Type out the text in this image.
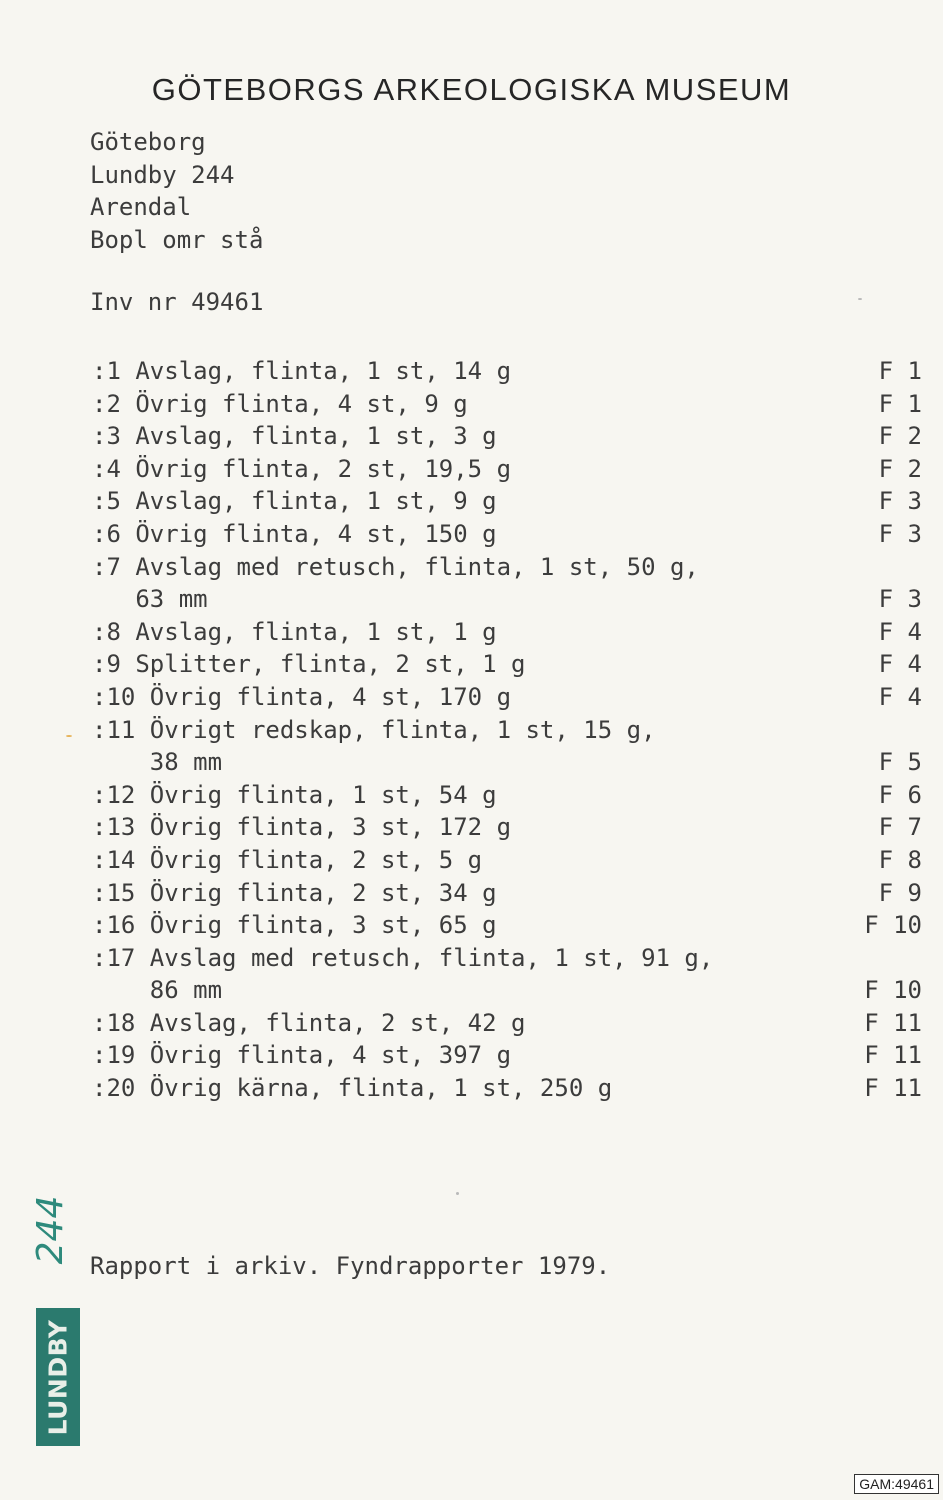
GÖTEBORGS ARKEOLOGISKA MUSEUM
Göteborg
Lundby 244
Arendal
Bopl omr stå
Inv nr 49461
:1 Avslag, flinta, 1 st, 14 g	F 1
:2 Övrig flinta, 4 st, 9 g	F 1
:3 Avslag, flinta, 1 st, 3 g	F 2
:4 Övrig flinta, 2 st, 19,5 g	F 2
:5 Avslag, flinta, 1 st, 9 g	F 3
:6 Övrig flinta, 4 st, 150 g	F 3
:7 Avslag med retusch, flinta, 1 st, 50 g,
63 mm	F 3
:8 Avslag, flinta, 1 st, 1 g	F 4
:9 Splitter, flinta, 2 st, 1 g	F 4
:10 Övrig flinta, 4 st, 170 g	F 4
:11 Övrigt redskap, flinta, 1 st, 15 g,
38 mm	F 5
:12 Övrig flinta, 1 st, 54 g	F 6
:13 Övrig flinta, 3 st, 172 g	F 7
:14 Övrig flinta, 2 st, 5 g	F 8
:15 Övrig flinta, 2 st, 34 g	F 9
:16 Övrig flinta, 3 st, 65 g	F 10
:17 Avslag med retusch, flinta, 1 st, 91 g,
86 mm	F 10
:18 Avslag, flinta, 2 st, 42 g	F 11
:19 Övrig flinta, 4 st, 397 g	F 11
:20 Övrig kärna, flinta, 1 st, 250 g	F 11
Rapport i arkiv. Fyndrapporter 1979.
244
LUNDBY
GAM:49461
